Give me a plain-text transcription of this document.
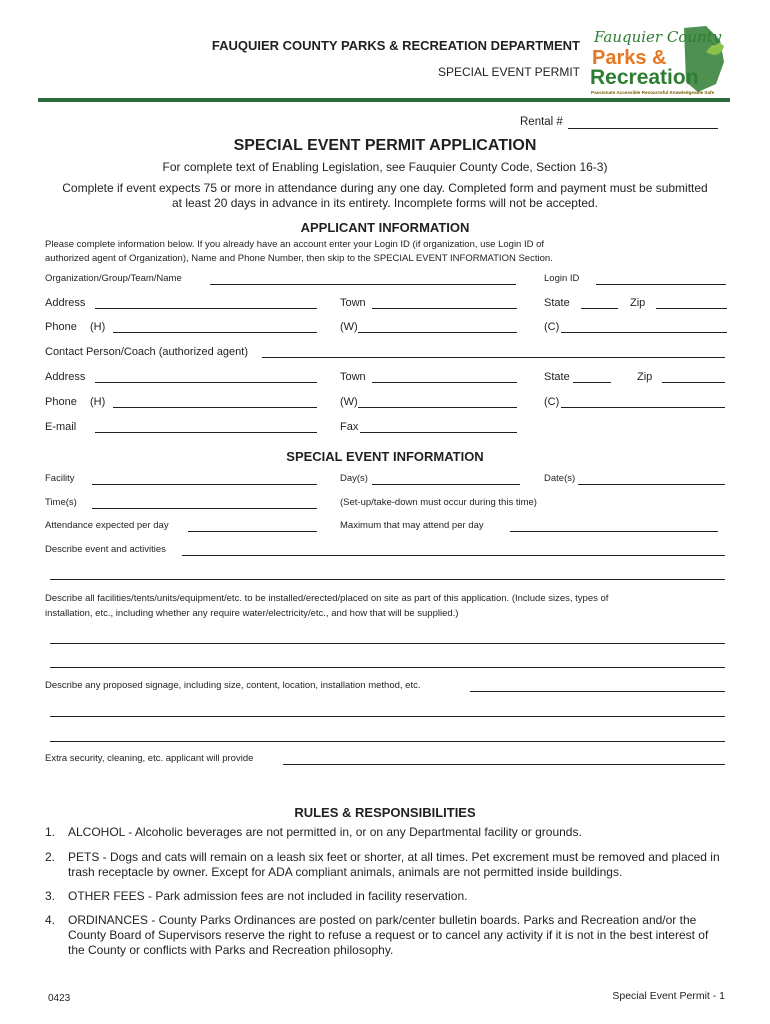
FAUQUIER COUNTY PARKS & RECREATION DEPARTMENT
SPECIAL EVENT PERMIT
Fauquier County
Parks &
Recreation
Passionate Accessible Resourceful Knowledgeable Safe
Rental #
SPECIAL EVENT PERMIT APPLICATION
For complete text of Enabling Legislation, see Fauquier County Code, Section 16-3)
Complete if event expects 75 or more in attendance during any one day. Completed form and payment must be submitted
at least 20 days in advance in its entirety. Incomplete forms will not be accepted.
APPLICANT INFORMATION
Please complete information below. If you already have an account enter your Login ID (if organization, use Login ID of
authorized agent of Organization), Name and Phone Number, then skip to the SPECIAL EVENT INFORMATION Section.
Organization/Group/Team/Name	Login ID
Address	Town	State	Zip
Phone (H)	(W)	(C)
Contact Person/Coach (authorized agent)
Address	Town	State	Zip
Phone (H)	(W)	(C)
E-mail	Fax
SPECIAL EVENT INFORMATION
Facility	Day(s)	Date(s)
Time(s)	(Set-up/take-down must occur during this time)
Attendance expected per day	Maximum that may attend per day
Describe event and activities
Describe all facilities/tents/units/equipment/etc. to be installed/erected/placed on site as part of this application. (Include sizes, types of
installation, etc., including whether any require water/electricity/etc., and how that will be supplied.)
Describe any proposed signage, including size, content, location, installation method, etc.
Extra security, cleaning, etc. applicant will provide
RULES & RESPONSIBILITIES
1. ALCOHOL - Alcoholic beverages are not permitted in, or on any Departmental facility or grounds.
2. PETS - Dogs and cats will remain on a leash six feet or shorter, at all times. Pet excrement must be removed and placed in trash receptacle by owner. Except for ADA compliant animals, animals are not permitted inside buildings.
3. OTHER FEES - Park admission fees are not included in facility reservation.
4. ORDINANCES - County Parks Ordinances are posted on park/center bulletin boards. Parks and Recreation and/or the County Board of Supervisors reserve the right to refuse a request or to cancel any activity if it is not in the best interest of the County or conflicts with Parks and Recreation philosophy.
0423	Special Event Permit - 1
